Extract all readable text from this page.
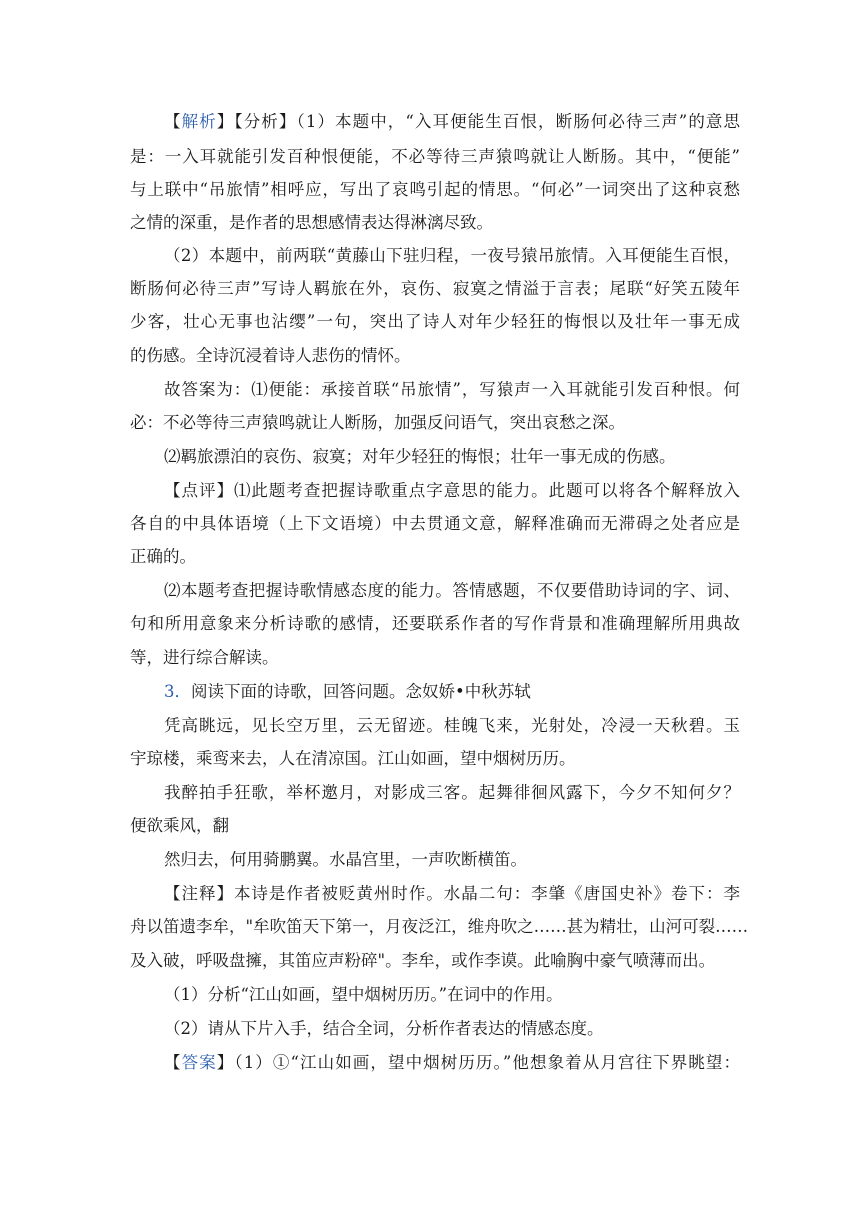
【解析】【分析】（1）本题中，“入耳便能生百恨，断肠何必待三声”的意思
是：一入耳就能引发百种恨便能，不必等待三声猿鸣就让人断肠。其中，“便能”
与上联中“吊旅情”相呼应，写出了哀鸣引起的情思。“何必”一词突出了这种哀愁
之情的深重，是作者的思想感情表达得淋漓尽致。
（2）本题中，前两联“黄藤山下驻归程，一夜号猿吊旅情。入耳便能生百恨，
断肠何必待三声”写诗人羁旅在外，哀伤、寂寞之情溢于言表；尾联“好笑五陵年
少客，壮心无事也沾缨”一句，突出了诗人对年少轻狂的悔恨以及壮年一事无成
的伤感。全诗沉浸着诗人悲伤的情怀。
故答案为：⑴便能：承接首联“吊旅情”，写猿声一入耳就能引发百种恨。何
必：不必等待三声猿鸣就让人断肠，加强反问语气，突出哀愁之深。
⑵羁旅漂泊的哀伤、寂寞；对年少轻狂的悔恨；壮年一事无成的伤感。
【点评】⑴此题考查把握诗歌重点字意思的能力。此题可以将各个解释放入
各自的中具体语境（上下文语境）中去贯通文意，解释准确而无滞碍之处者应是
正确的。
⑵本题考查把握诗歌情感态度的能力。答情感题，不仅要借助诗词的字、词、
句和所用意象来分析诗歌的感情，还要联系作者的写作背景和准确理解所用典故
等，进行综合解读。
3．阅读下面的诗歌，回答问题。念奴娇•中秋苏轼
凭高眺远，见长空万里，云无留迹。桂魄飞来，光射处，冷浸一天秋碧。玉
宇琼楼，乘鸾来去，人在清凉国。江山如画，望中烟树历历。
我醉拍手狂歌，举杯邀月，对影成三客。起舞徘徊风露下，今夕不知何夕？
便欲乘风，翻
然归去，何用骑鹏翼。水晶宫里，一声吹断横笛。
【注释】本诗是作者被贬黄州时作。水晶二句：李肇《唐国史补》卷下：李
舟以笛遗李牟，"牟吹笛天下第一，月夜泛江，维舟吹之……甚为精壮，山河可裂……
及入破，呼吸盘擁，其笛应声粉碎"。李牟，或作李谟。此喻胸中豪气喷薄而出。
（1）分析“江山如画，望中烟树历历。”在词中的作用。
（2）请从下片入手，结合全词，分析作者表达的情感态度。
【答案】（1）①“江山如画，望中烟树历历。”他想象着从月宫往下界眺望：
